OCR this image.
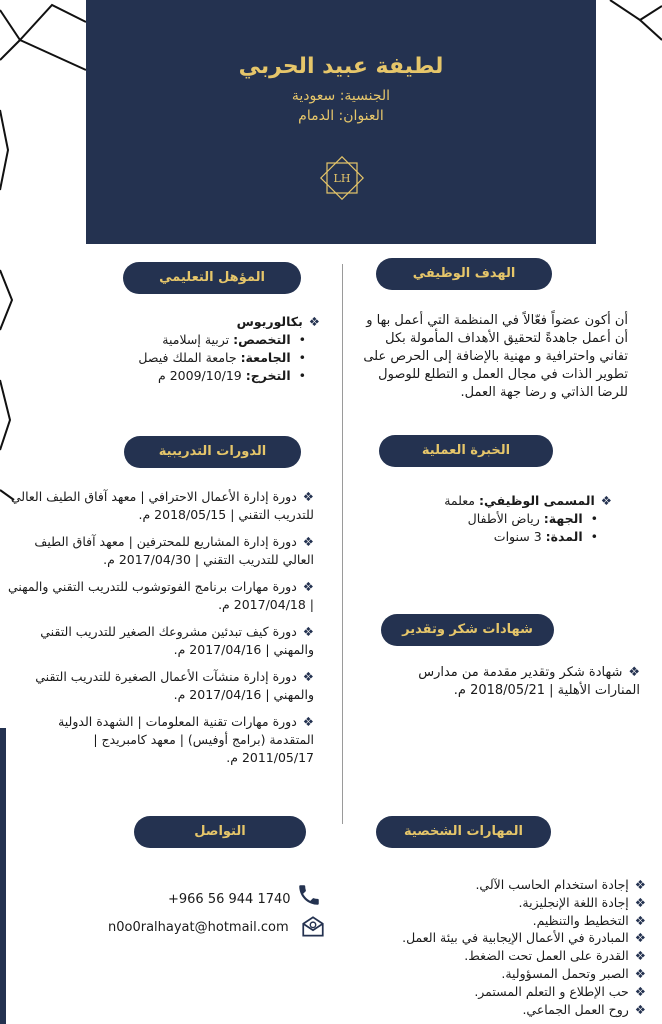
لطيفة عبيد الحربي
الجنسية: سعودية
العنوان: الدمام
LH
الهدف الوظيفي
المؤهل التعليمي
الخبرة العملية
الدورات التدريبية
شهادات شكر وتقدير
المهارات الشخصية
التواصل
أن أكون عضواً فعّالاً في المنظمة التي أعمل بها و أن أعمل جاهدةً لتحقيق الأهداف المأمولة بكل تفاني واحترافية و مهنية بالإضافة إلى الحرص على تطوير الذات في مجال العمل و التطلع للوصول للرضا الذاتي و رضا جهة العمل.

❖بكالوريوس

•التخصص: تربية إسلامية

•الجامعة: جامعة الملك فيصل

•التخرج: 2009/10/19 م

❖المسمى الوظيفي: معلمة

•الجهة: رياض الأطفال

•المدة: 3 سنوات

❖دورة إدارة الأعمال الاحترافي | معهد آفاق الطيف العالي للتدريب التقني | 2018/05/15 م.

❖دورة إدارة المشاريع للمحترفين | معهد آفاق الطيف العالي للتدريب التقني | 2017/04/30 م.

❖دورة مهارات برنامج الفوتوشوب للتدريب التقني والمهني | 2017/04/18 م.

❖دورة كيف تبدئين مشروعك الصغير للتدريب التقني والمهني | 2017/04/16 م.

❖دورة إدارة منشآت الأعمال الصغيرة للتدريب التقني والمهني | 2017/04/16 م.

❖دورة مهارات تقنية المعلومات | الشهدة الدولية المتقدمة (برامج أوفيس) | معهد كامبريدج | 2011/05/17 م.

❖شهادة شكر وتقدير مقدمة من مدارس المنارات الأهلية | 2018/05/21 م.

❖إجادة استخدام الحاسب الآلي.

❖إجادة اللغة الإنجليزية.

❖التخطيط والتنظيم.

❖المبادرة في الأعمال الإيجابية في بيئة العمل.

❖القدرة على العمل تحت الضغط.

❖الصبر وتحمل المسؤولية.

❖حب الإطلاع و التعلم المستمر.

❖روح العمل الجماعي.

+966 56 944 1740
n0o0ralhayat@hotmail.com
